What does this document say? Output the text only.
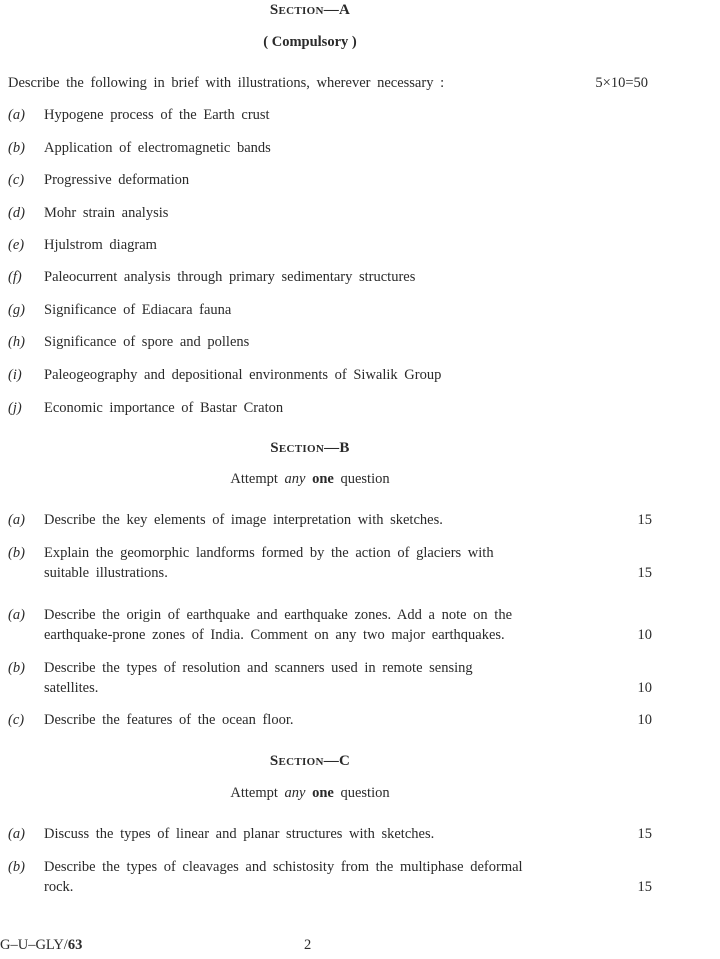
Section—A
( Compulsory )
Describe the following in brief with illustrations, wherever necessary :	5×10=50
(a)	Hypogene process of the Earth crust
(b)	Application of electromagnetic bands
(c)	Progressive deformation
(d)	Mohr strain analysis
(e)	Hjulstrom diagram
(f)	Paleocurrent analysis through primary sedimentary structures
(g)	Significance of Ediacara fauna
(h)	Significance of spore and pollens
(i)	Paleogeography and depositional environments of Siwalik Group
(j)	Economic importance of Bastar Craton
Section—B
Attempt any one question
(a)	Describe the key elements of image interpretation with sketches.	15
(b)	Explain the geomorphic landforms formed by the action of glaciers with
suitable illustrations.	15
(a)	Describe the origin of earthquake and earthquake zones. Add a note on the
earthquake-prone zones of India. Comment on any two major earthquakes.	10
(b)	Describe the types of resolution and scanners used in remote sensing
satellites.	10
(c)	Describe the features of the ocean floor.	10
Section—C
Attempt any one question
(a)	Discuss the types of linear and planar structures with sketches.	15
(b)	Describe the types of cleavages and schistosity from the multiphase deformal
rock.	15
G–U–GLY/63	2
